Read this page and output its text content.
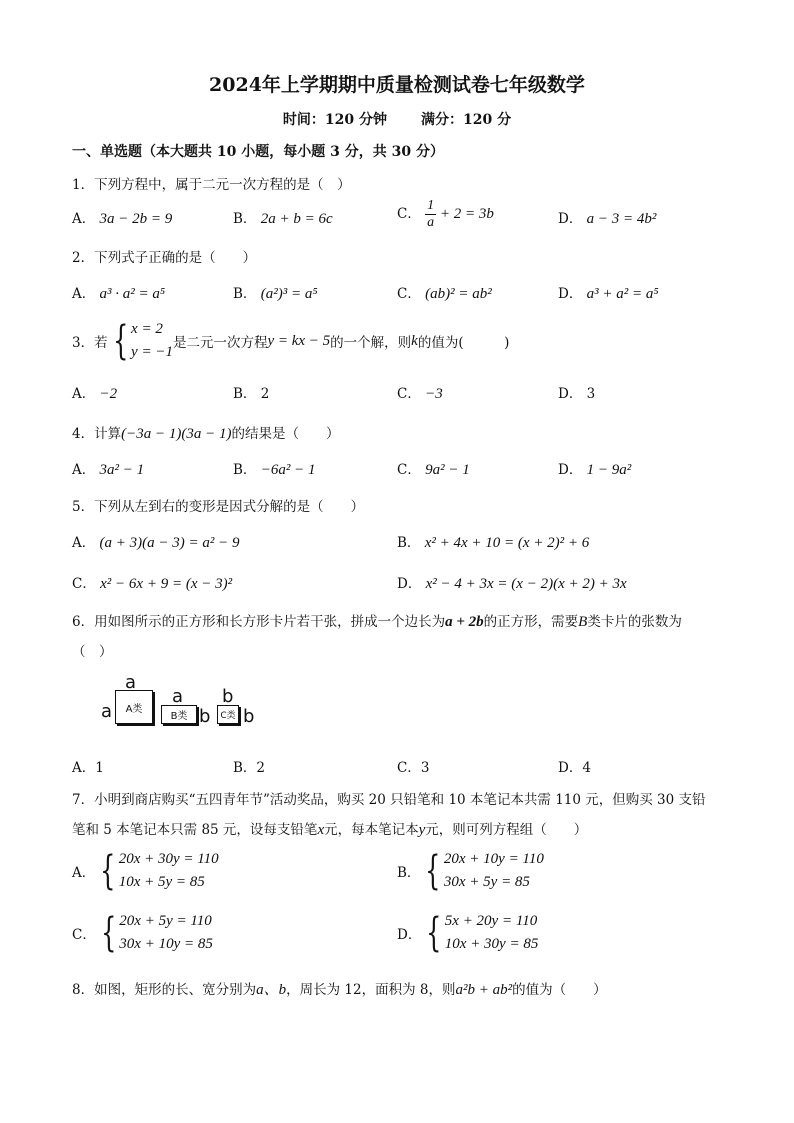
2024年上学期期中质量检测试卷七年级数学
时间：120 分钟 满分：120 分
一、单选题（本大题共 10 小题，每小题 3 分，共 30 分）
1．下列方程中，属于二元一次方程的是（　）
A． 3a − 2b = 9	B． 2a + b = 6c	C． $\frac{1}{a} + 2 = 3b$	D． a − 3 = 4b²
2．下列式子正确的是（　　）
A． a³ · a² = a⁵	B． (a²)³ = a⁵	C． (ab)² = ab²	D． a³ + a² = a⁵
3．若 { x = 2
y = −1
是二元一次方程 y = kx − 5 的一个解，则 k 的值为(　　　)
A． −2	B． 2	C． −3	D． 3
4．计算(−3a − 1)(3a − 1)的结果是（　　）
A． 3a² − 1	B． −6a² − 1	C． 9a² − 1	D． 1 − 9a²
5．下列从左到右的变形是因式分解的是（　　）
A． (a + 3)(a − 3) = a² − 9	B． x² + 4x + 10 = (x + 2)² + 6
C． x² − 6x + 9 = (x − 3)²	D． x² − 4 + 3x = (x − 2)(x + 2) + 3x
6．用如图所示的正方形和长方形卡片若干张，拼成一个边长为a + 2b的正方形，需要B类卡片的张数为
（　）
a
a	A类
a
B类 b
b
C类 b
A．1	B．2	C．3	D．4
7．小明到商店购买“五四青年节”活动奖品，购买 20 只铅笔和 10 本笔记本共需 110 元，但购买 30 支铅
笔和 5 本笔记本只需 85 元，设每支铅笔x元，每本笔记本y元，则可列方程组（　　）
A． { 20x + 30y = 110
10x + 5y = 85
B． { 20x + 10y = 110
30x + 5y = 85
C． { 20x + 5y = 110
30x + 10y = 85
D． { 5x + 20y = 110
10x + 30y = 85
8．如图，矩形的长、宽分别为a、b，周长为 12，面积为 8，则a²b + ab²的值为（　　）
